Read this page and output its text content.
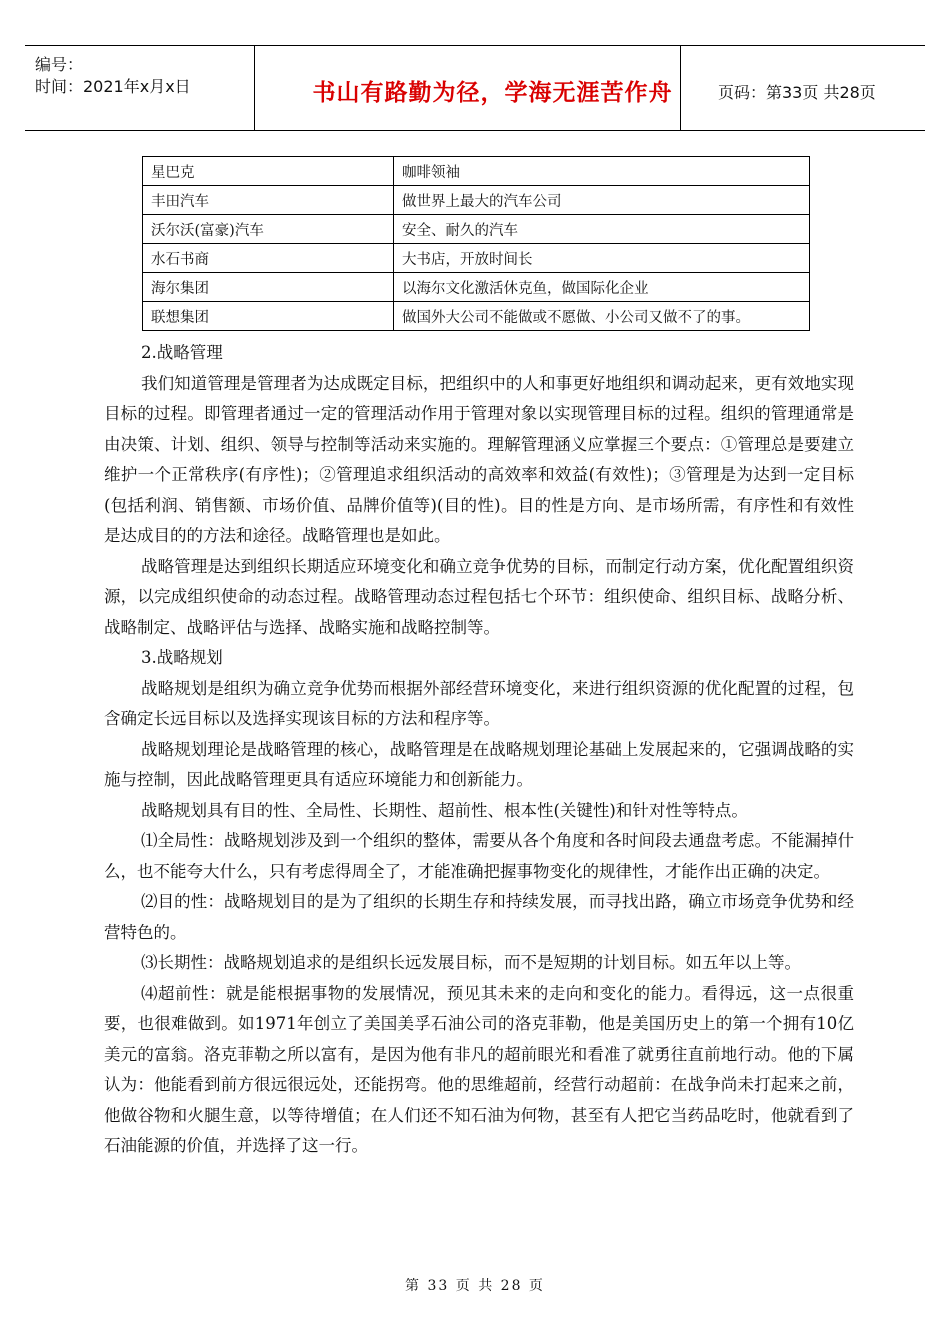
编号：
时间：2021年x月x日	书山有路勤为径，学海无涯苦作舟	页码：第33页 共28页
星巴克	咖啡领袖
丰田汽车	做世界上最大的汽车公司
沃尔沃(富豪)汽车	安全、耐久的汽车
水石书商	大书店，开放时间长
海尔集团	以海尔文化激活休克鱼，做国际化企业
联想集团	做国外大公司不能做或不愿做、小公司又做不了的事。

2.战略管理

我们知道管理是管理者为达成既定目标，把组织中的人和事更好地组织和调动起来，更有效地实现目标的过程。即管理者通过一定的管理活动作用于管理对象以实现管理目标的过程。组织的管理通常是由决策、计划、组织、领导与控制等活动来实施的。理解管理涵义应掌握三个要点：①管理总是要建立维护一个正常秩序(有序性)；②管理追求组织活动的高效率和效益(有效性)；③管理是为达到一定目标(包括利润、销售额、市场价值、品牌价值等)(目的性)。目的性是方向、是市场所需，有序性和有效性是达成目的的方法和途径。战略管理也是如此。

战略管理是达到组织长期适应环境变化和确立竞争优势的目标，而制定行动方案，优化配置组织资源，以完成组织使命的动态过程。战略管理动态过程包括七个环节：组织使命、组织目标、战略分析、战略制定、战略评估与选择、战略实施和战略控制等。

3.战略规划

战略规划是组织为确立竞争优势而根据外部经营环境变化，来进行组织资源的优化配置的过程，包含确定长远目标以及选择实现该目标的方法和程序等。

战略规划理论是战略管理的核心，战略管理是在战略规划理论基础上发展起来的，它强调战略的实施与控制，因此战略管理更具有适应环境能力和创新能力。

战略规划具有目的性、全局性、长期性、超前性、根本性(关键性)和针对性等特点。

⑴全局性：战略规划涉及到一个组织的整体，需要从各个角度和各时间段去通盘考虑。不能漏掉什么，也不能夸大什么，只有考虑得周全了，才能准确把握事物变化的规律性，才能作出正确的决定。

⑵目的性：战略规划目的是为了组织的长期生存和持续发展，而寻找出路，确立市场竞争优势和经营特色的。

⑶长期性：战略规划追求的是组织长远发展目标，而不是短期的计划目标。如五年以上等。

⑷超前性：就是能根据事物的发展情况，预见其未来的走向和变化的能力。看得远，这一点很重要，也很难做到。如1971年创立了美国美孚石油公司的洛克菲勒，他是美国历史上的第一个拥有10亿美元的富翁。洛克菲勒之所以富有，是因为他有非凡的超前眼光和看准了就勇往直前地行动。他的下属认为：他能看到前方很远很远处，还能拐弯。他的思维超前，经营行动超前：在战争尚未打起来之前，他做谷物和火腿生意，以等待增值；在人们还不知石油为何物，甚至有人把它当药品吃时，他就看到了石油能源的价值，并选择了这一行。

第 33 页 共 28 页
